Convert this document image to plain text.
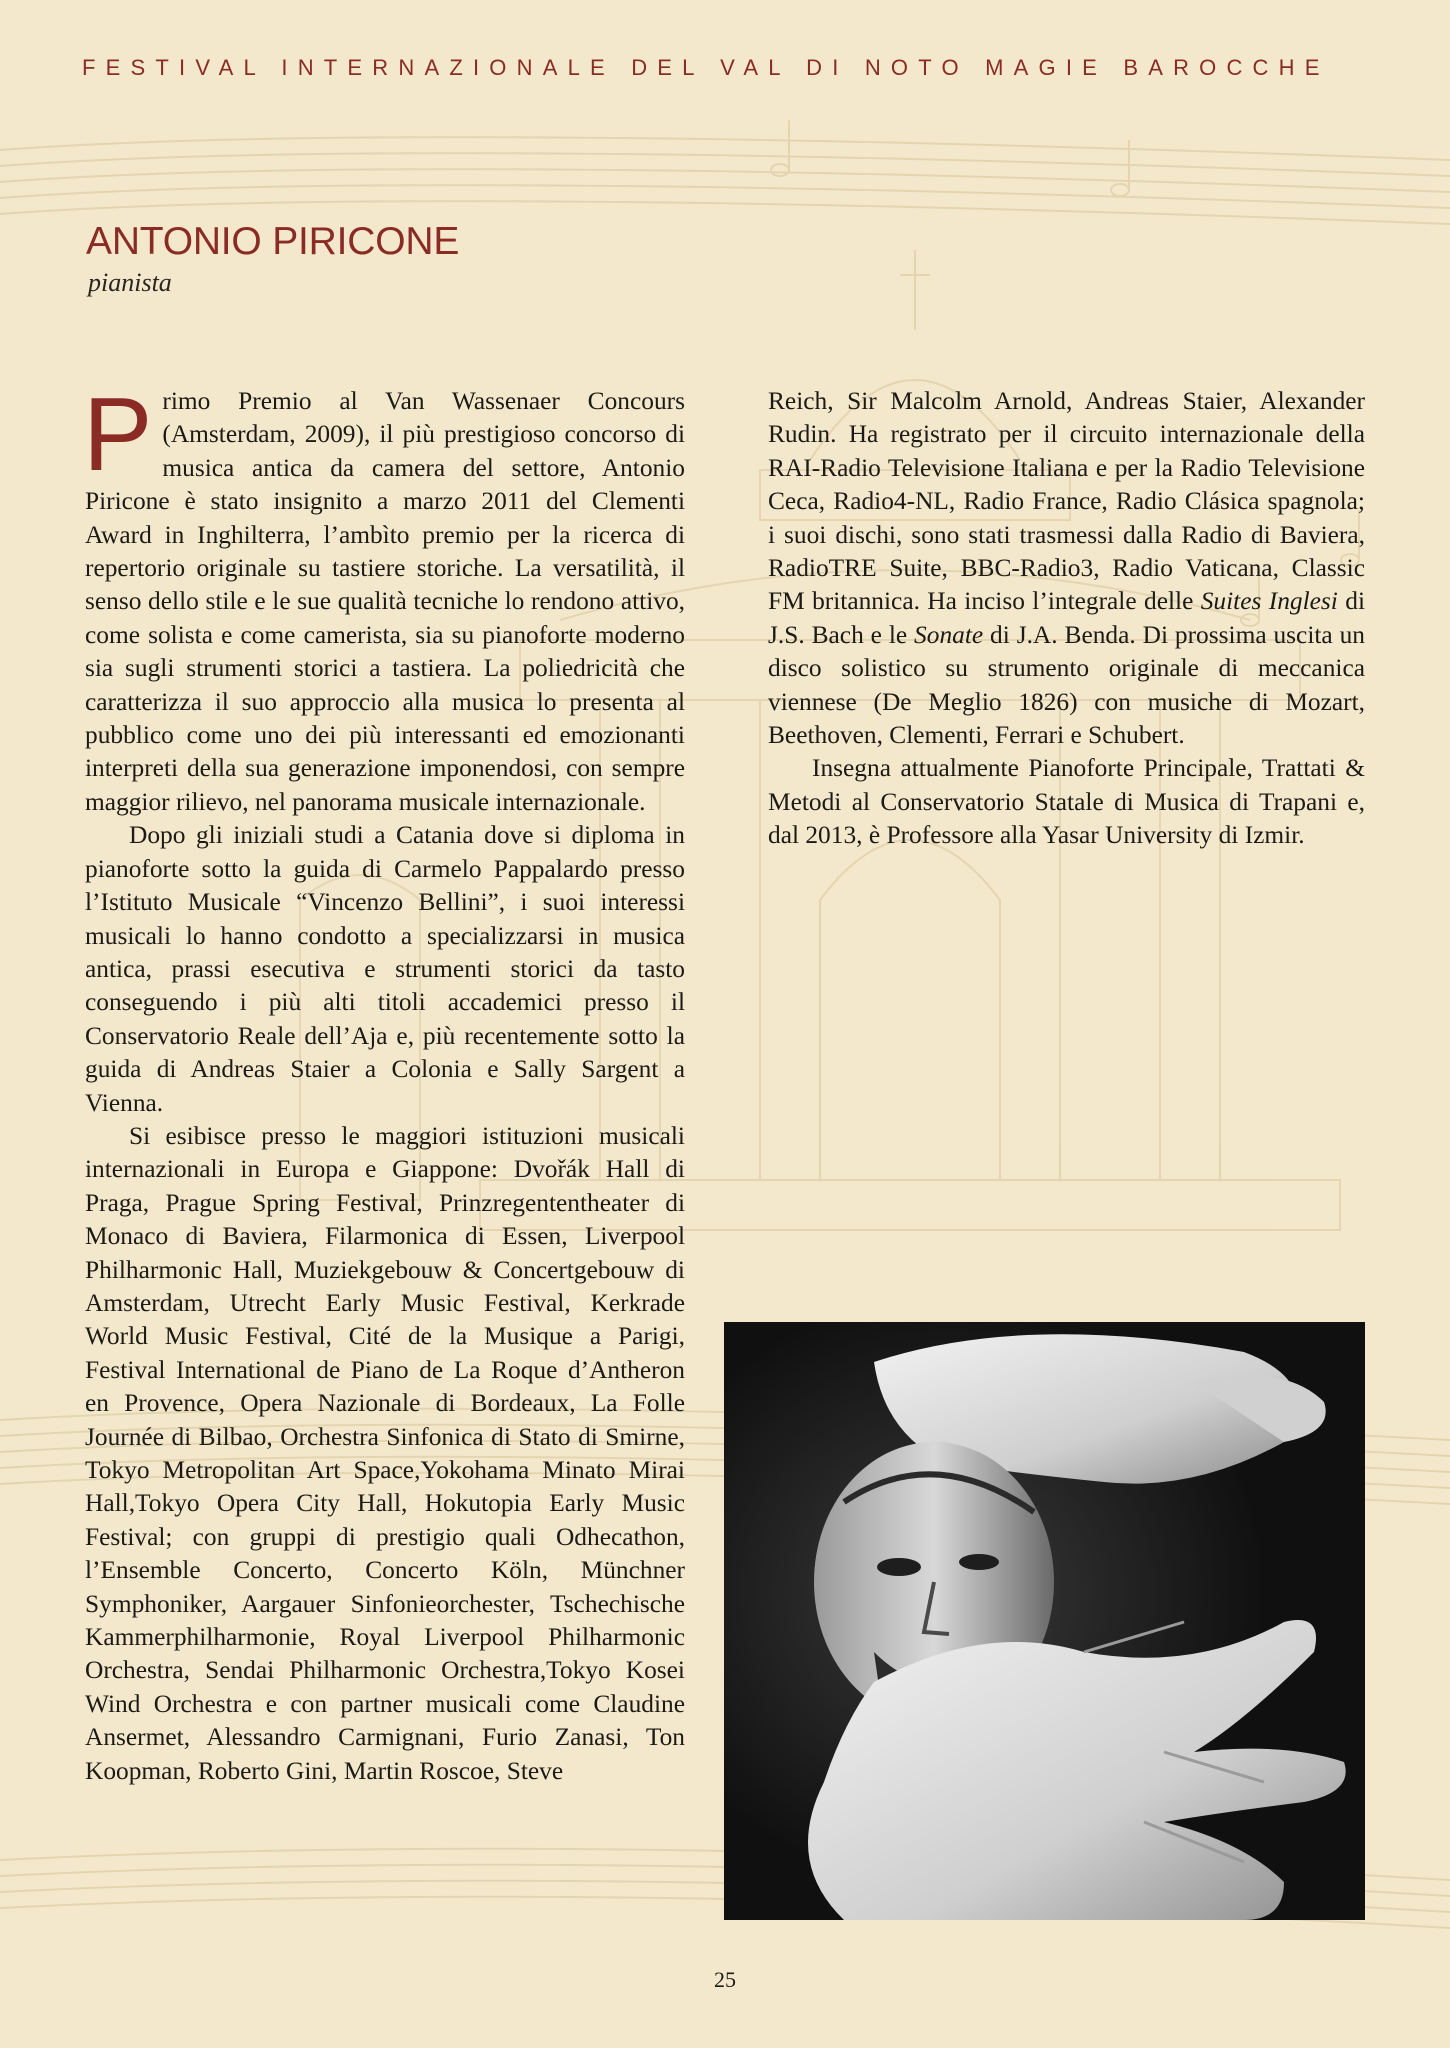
FESTIVAL INTERNAZIONALE DEL VAL DI NOTO MAGIE BAROCCHE
ANTONIO PIRICONE
pianista

Primo Premio al Van Wassenaer Concours (Amsterdam, 2009), il più prestigioso concorso di musica antica da camera del settore, Antonio Piricone è stato insignito a marzo 2011 del Clementi Award in Inghilterra, l’ambìto premio per la ricerca di repertorio originale su tastiere storiche. La versatilità, il senso dello stile e le sue qualità tecniche lo rendono attivo, come solista e come camerista, sia su pianoforte moderno sia sugli strumenti storici a tastiera. La poliedricità che caratterizza il suo approccio alla musica lo presenta al pubblico come uno dei più interessanti ed emozionanti interpreti della sua generazione imponendosi, con sempre maggior rilievo, nel panorama musicale internazionale.

Dopo gli iniziali studi a Catania dove si diploma in pianoforte sotto la guida di Carmelo Pappalardo presso l’Istituto Musicale “Vincenzo Bellini”, i suoi interessi musicali lo hanno condotto a specializzarsi in musica antica, prassi esecutiva e strumenti storici da tasto conseguendo i più alti titoli accademici presso il Conservatorio Reale dell’Aja e, più recentemente sotto la guida di Andreas Staier a Colonia e Sally Sargent a Vienna.

Si esibisce presso le maggiori istituzioni musicali internazionali in Europa e Giappone: Dvořák Hall di Praga, Prague Spring Festival, Prinzregententheater di Monaco di Baviera, Filarmonica di Essen, Liverpool Philharmonic Hall, Muziekgebouw & Concertgebouw di Amsterdam, Utrecht Early Music Festival, Kerkrade World Music Festival, Cité de la Musique a Parigi, Festival International de Piano de La Roque d’Antheron en Provence, Opera Nazionale di Bordeaux, La Folle Journée di Bilbao, Orchestra Sinfonica di Stato di Smirne, Tokyo Metropolitan Art Space,Yokohama Minato Mirai Hall,Tokyo Opera City Hall, Hokutopia Early Music Festival; con gruppi di prestigio quali Odhecathon, l’Ensemble Concerto, Concerto Köln, Münchner Symphoniker, Aargauer Sinfonieorchester, Tschechische Kammerphilharmonie, Royal Liverpool Philharmonic Orchestra, Sendai Philharmonic Orchestra,Tokyo Kosei Wind Orchestra e con partner musicali come Claudine Ansermet, Alessandro Carmignani, Furio Zanasi, Ton Koopman, Roberto Gini, Martin Roscoe, Steve

Reich, Sir Malcolm Arnold, Andreas Staier, Alexander Rudin. Ha registrato per il circuito internazionale della RAI-Radio Televisione Italiana e per la Radio Televisione Ceca, Radio4-NL, Radio France, Radio Clásica spagnola; i suoi dischi, sono stati trasmessi dalla Radio di Baviera, RadioTRE Suite, BBC-Radio3, Radio Vaticana, Classic FM britannica. Ha inciso l’integrale delle Suites Inglesi di J.S. Bach e le Sonate di J.A. Benda. Di prossima uscita un disco solistico su strumento originale di meccanica viennese (De Meglio 1826) con musiche di Mozart, Beethoven, Clementi, Ferrari e Schubert.

Insegna attualmente Pianoforte Principale, Trattati & Metodi al Conservatorio Statale di Musica di Trapani e, dal 2013, è Professore alla Yasar University di Izmir.

25
